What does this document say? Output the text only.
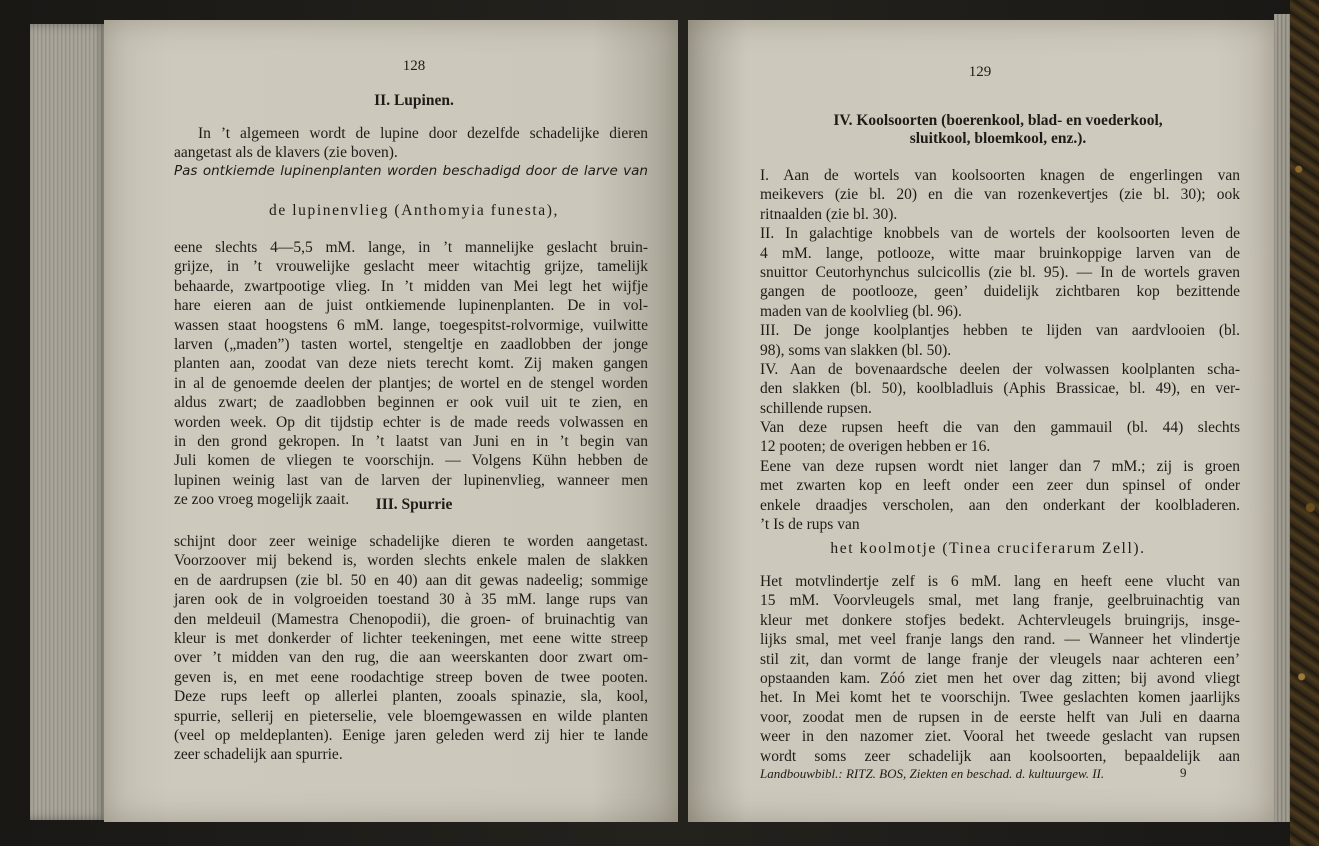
128
II. Lupinen.
In ’t algemeen wordt de lupine door dezelfde schadelijke dieren
aangetast als de klavers (zie boven).
Pas ontkiemde lupinenplanten worden beschadigd door de larve van
de lupinenvlieg (Anthomyia funesta),
eene slechts 4—5,5 mM. lange, in ’t mannelijke geslacht bruin-
grijze, in ’t vrouwelijke geslacht meer witachtig grijze, tamelijk
behaarde, zwartpootige vlieg. In ’t midden van Mei legt het wijfje
hare eieren aan de juist ontkiemende lupinenplanten. De in vol-
wassen staat hoogstens 6 mM. lange, toegespitst-rolvormige, vuilwitte
larven („maden”) tasten wortel, stengeltje en zaadlobben der jonge
planten aan, zoodat van deze niets terecht komt. Zij maken gangen
in al de genoemde deelen der plantjes; de wortel en de stengel worden
aldus zwart; de zaadlobben beginnen er ook vuil uit te zien, en
worden week. Op dit tijdstip echter is de made reeds volwassen en
in den grond gekropen. In ’t laatst van Juni en in ’t begin van
Juli komen de vliegen te voorschijn. — Volgens Kühn hebben de
lupinen weinig last van de larven der lupinenvlieg, wanneer men
ze zoo vroeg mogelijk zaait.	III. Spurrie
schijnt door zeer weinige schadelijke dieren te worden aangetast.
Voorzoover mij bekend is, worden slechts enkele malen de slakken
en de aardrupsen (zie bl. 50 en 40) aan dit gewas nadeelig; sommige
jaren ook de in volgroeiden toestand 30 à 35 mM. lange rups van
den meldeuil (Mamestra Chenopodii), die groen- of bruinachtig van
kleur is met donkerder of lichter teekeningen, met eene witte streep
over ’t midden van den rug, die aan weerskanten door zwart om-
geven is, en met eene roodachtige streep boven de twee pooten.
Deze rups leeft op allerlei planten, zooals spinazie, sla, kool,
spurrie, sellerij en pieterselie, vele bloemgewassen en wilde planten
(veel op meldeplanten). Eenige jaren geleden werd zij hier te lande
zeer schadelijk aan spurrie.
129
IV. Koolsoorten (boerenkool, blad- en voederkool,
sluitkool, bloemkool, enz.).
I. Aan de wortels van koolsoorten knagen de engerlingen van
meikevers (zie bl. 20) en die van rozenkevertjes (zie bl. 30); ook
ritnaalden (zie bl. 30).
II. In galachtige knobbels van de wortels der koolsoorten leven de
4 mM. lange, potlooze, witte maar bruinkoppige larven van de
snuittor Ceutorhynchus sulcicollis (zie bl. 95). — In de wortels graven
gangen de pootlooze, geen’ duidelijk zichtbaren kop bezittende
maden van de koolvlieg (bl. 96).
III. De jonge koolplantjes hebben te lijden van aardvlooien (bl.
98), soms van slakken (bl. 50).
IV. Aan de bovenaardsche deelen der volwassen koolplanten scha-
den slakken (bl. 50), koolbladluis (Aphis Brassicae, bl. 49), en ver-
schillende rupsen.
Van deze rupsen heeft die van den gammauil (bl. 44) slechts
12 pooten; de overigen hebben er 16.
Eene van deze rupsen wordt niet langer dan 7 mM.; zij is groen
met zwarten kop en leeft onder een zeer dun spinsel of onder
enkele draadjes verscholen, aan den onderkant der koolbladeren.
’t Is de rups van
het koolmotje (Tinea cruciferarum Zell).
Het motvlindertje zelf is 6 mM. lang en heeft eene vlucht van
15 mM. Voorvleugels smal, met lang franje, geelbruinachtig van
kleur met donkere stofjes bedekt. Achtervleugels bruingrijs, insge-
lijks smal, met veel franje langs den rand. — Wanneer het vlindertje
stil zit, dan vormt de lange franje der vleugels naar achteren een’
opstaanden kam. Zóó ziet men het over dag zitten; bij avond vliegt
het. In Mei komt het te voorschijn. Twee geslachten komen jaarlijks
voor, zoodat men de rupsen in de eerste helft van Juli en daarna
weer in den nazomer ziet. Vooral het tweede geslacht van rupsen
wordt soms zeer schadelijk aan koolsoorten, bepaaldelijk aan
Landbouwbibl.: RITZ. BOS, Ziekten en beschad. d. kultuurgew. II.	9
